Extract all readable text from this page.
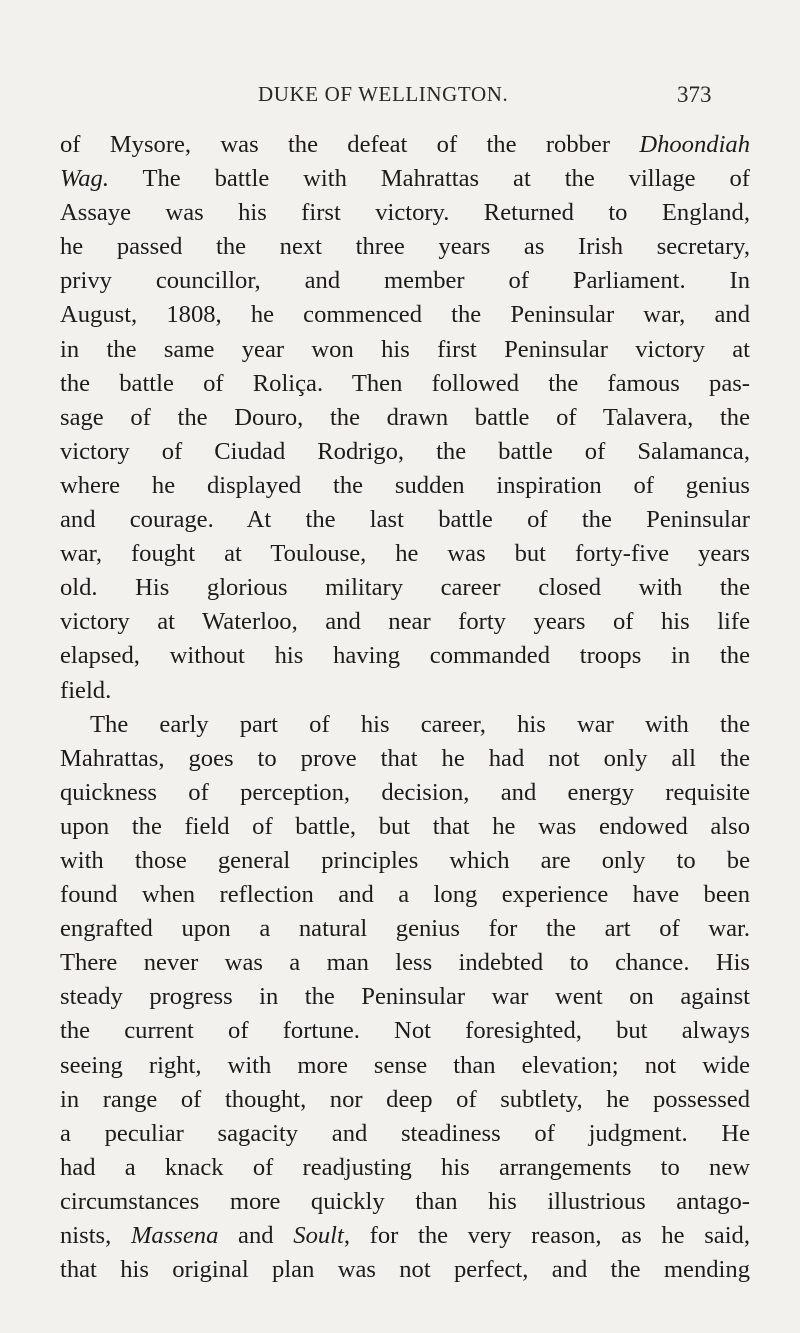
DUKE OF WELLINGTON.	373
of Mysore, was the defeat of the robber Dhoondiah
Wag. The battle with Mahrattas at the village of
Assaye was his first victory. Returned to England,
he passed the next three years as Irish secretary,
privy councillor, and member of Parliament. In
August, 1808, he commenced the Peninsular war, and
in the same year won his first Peninsular victory at
the battle of Roliça. Then followed the famous pas-
sage of the Douro, the drawn battle of Talavera, the
victory of Ciudad Rodrigo, the battle of Salamanca,
where he displayed the sudden inspiration of genius
and courage. At the last battle of the Peninsular
war, fought at Toulouse, he was but forty-five years
old. His glorious military career closed with the
victory at Waterloo, and near forty years of his life
elapsed, without his having commanded troops in the
field.
The early part of his career, his war with the
Mahrattas, goes to prove that he had not only all the
quickness of perception, decision, and energy requisite
upon the field of battle, but that he was endowed also
with those general principles which are only to be
found when reflection and a long experience have been
engrafted upon a natural genius for the art of war.
There never was a man less indebted to chance. His
steady progress in the Peninsular war went on against
the current of fortune. Not foresighted, but always
seeing right, with more sense than elevation; not wide
in range of thought, nor deep of subtlety, he possessed
a peculiar sagacity and steadiness of judgment. He
had a knack of readjusting his arrangements to new
circumstances more quickly than his illustrious antago-
nists, Massena and Soult, for the very reason, as he said,
that his original plan was not perfect, and the mending
